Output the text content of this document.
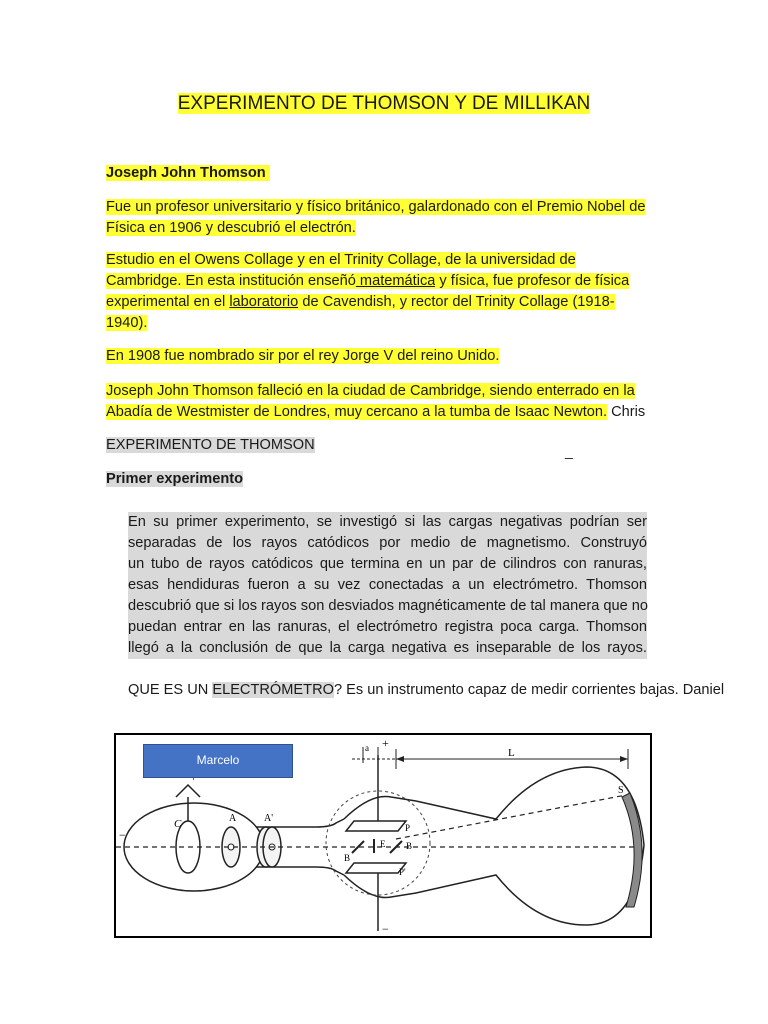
EXPERIMENTO DE THOMSON Y DE MILLIKAN
Joseph John Thomson
Fue un profesor universitario y físico británico, galardonado con el Premio Nobel de
Física en 1906 y descubrió el electrón.
Estudio en el Owens Collage y en el Trinity Collage, de la universidad de
Cambridge. En esta institución enseñó matemática y física, fue profesor de física
experimental en el laboratorio de Cavendish, y rector del Trinity Collage (1918-
1940).
En 1908 fue nombrado sir por el rey Jorge V del reino Unido.
Joseph John Thomson falleció en la ciudad de Cambridge, siendo enterrado en la
Abadía de Westmister de Londres, muy cercano a la tumba de Isaac Newton. Chris
EXPERIMENTO DE THOMSON	_
Primer experimento
En su primer experimento, se investigó si las cargas negativas podrían ser
separadas de los rayos catódicos por medio de magnetismo. Construyó
un tubo de rayos catódicos que termina en un par de cilindros con ranuras,
esas hendiduras fueron a su vez conectadas a un electrómetro. Thomson
descubrió que si los rayos son desviados magnéticamente de tal manera que no
puedan entrar en las ranuras, el electrómetro registra poca carga. Thomson
llegó a la conclusión de que la carga negativa es inseparable de los rayos.
QUE ES UN ELECTRÓMETRO? Es un instrumento capaz de medir corrientes bajas. Daniel
C
−
A	A'
P
P'
+
−
E
B
B
a	L
S
Marcelo
